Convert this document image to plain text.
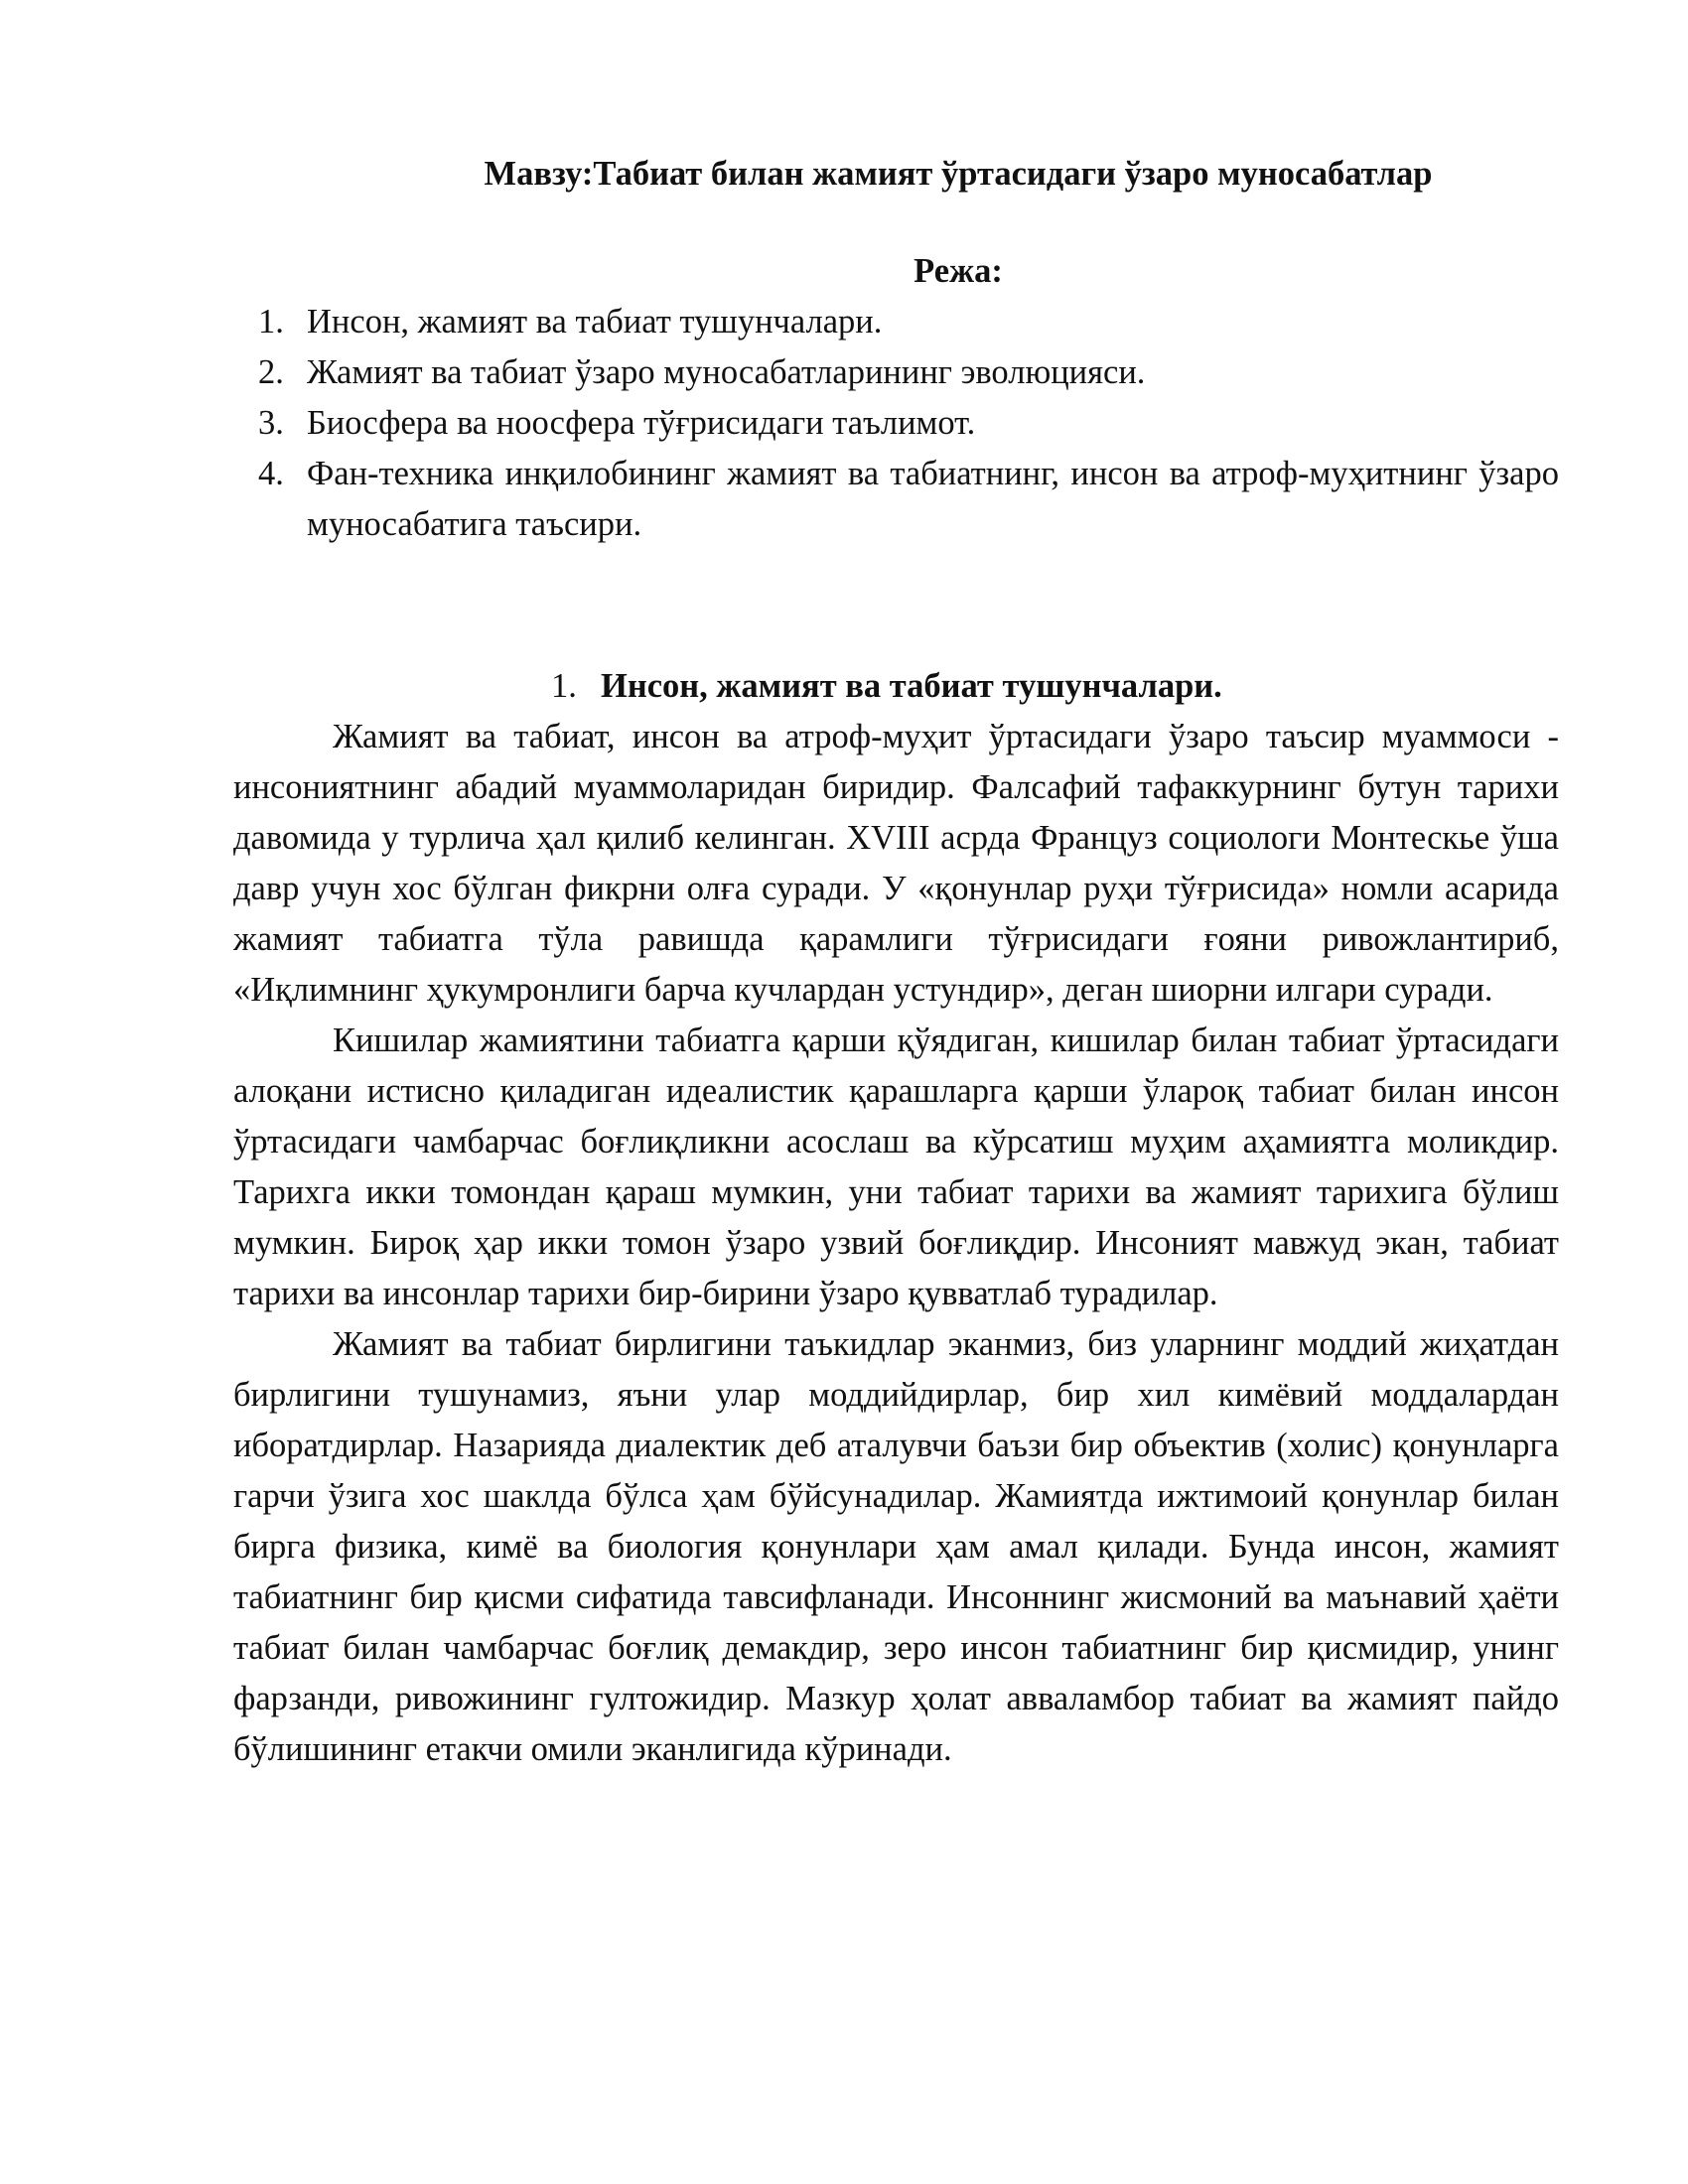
Мавзу:Табиат билан жамият ўртасидаги ўзаро муносабатлар
Режа:
1. Инсон, жамият ва табиат тушунчалари.
2. Жамият ва табиат ўзаро муносабатларининг эволюцияси.
3. Биосфера ва ноосфера тўғрисидаги таълимот.
4. Фан-техника инқилобининг жамият ва табиатнинг, инсон ва атроф-муҳитнинг ўзаро муносабатига таъсири.
1. Инсон, жамият ва табиат тушунчалари.

Жамият ва табиат, инсон ва атроф-муҳит ўртасидаги ўзаро таъсир муаммоси - инсониятнинг абадий муаммоларидан биридир. Фалсафий тафаккурнинг бутун тарихи давомида у турлича ҳал қилиб келинган. XVIII асрда Француз социологи Монтескье ўша давр учун хос бўлган фикрни олға суради. У «қонунлар руҳи тўғрисида» номли асарида жамият табиатга тўла равишда қарамлиги тўғрисидаги ғояни ривожлантириб, «Иқлимнинг ҳукумронлиги барча кучлардан устундир», деган шиорни илгари суради.

Кишилар жамиятини табиатга қарши қўядиган, кишилар билан табиат ўртасидаги алоқани истисно қиладиган идеалистик қарашларга қарши ўлароқ табиат билан инсон ўртасидаги чамбарчас боғлиқликни асослаш ва кўрсатиш муҳим аҳамиятга моликдир. Тарихга икки томондан қараш мумкин, уни табиат тарихи ва жамият тарихига бўлиш мумкин. Бироқ ҳар икки томон ўзаро узвий боғлиқдир. Инсоният мавжуд экан, табиат тарихи ва инсонлар тарихи бир-бирини ўзаро қувватлаб турадилар.

Жамият ва табиат бирлигини таъкидлар эканмиз, биз уларнинг моддий жиҳатдан бирлигини тушунамиз, яъни улар моддийдирлар, бир хил кимёвий моддалардан иборатдирлар. Назарияда диалектик деб аталувчи баъзи бир объектив (холис) қонунларга гарчи ўзига хос шаклда бўлса ҳам бўйсунадилар. Жамиятда ижтимоий қонунлар билан бирга физика, кимё ва биология қонунлари ҳам амал қилади. Бунда инсон, жамият табиатнинг бир қисми сифатида тавсифланади. Инсоннинг жисмоний ва маънавий ҳаёти табиат билан чамбарчас боғлиқ демакдир, зеро инсон табиатнинг бир қисмидир, унинг фарзанди, ривожининг гултожидир. Мазкур ҳолат авваламбор табиат ва жамият пайдо бўлишининг етакчи омили эканлигида кўринади.
